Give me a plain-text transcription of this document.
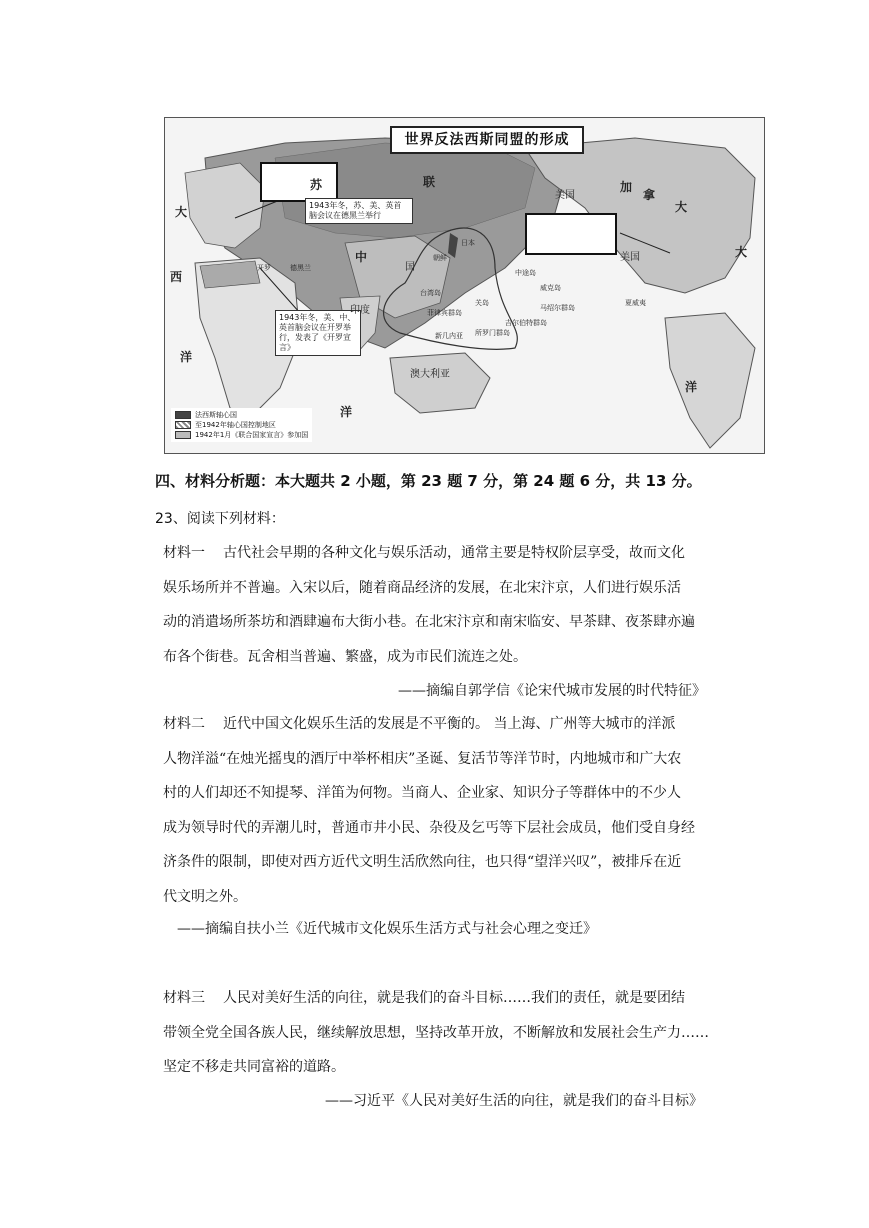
世界反法西斯同盟的形成
1943年冬，苏、美、英首脑会议在德黑兰举行
1943年冬，美、中、英首脑会议在开罗举行，发表了《开罗宣言》
苏	联
中
国
印度
澳大利亚
加
拿
大
美国
美国
开罗	德黑兰
大
西
洋
大
洋
洋
台湾岛
菲律宾群岛
中途岛
威克岛
关岛
马绍尔群岛
吉尔伯特群岛
所罗门群岛
新几内亚
日本
朝鲜
夏威夷
法西斯轴心国
至1942年轴心国控制地区
1942年1月《联合国家宣言》参加国
四、材料分析题：本大题共 2 小题，第 23 题 7 分，第 24 题 6 分，共 13 分。
23、阅读下列材料：
材料一 古代社会早期的各种文化与娱乐活动，通常主要是特权阶层享受，故而文化
娱乐场所并不普遍。入宋以后，随着商品经济的发展，在北宋汴京，人们进行娱乐活
动的消遣场所茶坊和酒肆遍布大街小巷。在北宋汴京和南宋临安、早茶肆、夜茶肆亦遍
布各个街巷。瓦舍相当普遍、繁盛，成为市民们流连之处。
——摘编自郭学信《论宋代城市发展的时代特征》
材料二 近代中国文化娱乐生活的发展是不平衡的。 当上海、广州等大城市的洋派
人物洋溢“在烛光摇曳的酒厅中举杯相庆”圣诞、复活节等洋节时，内地城市和广大农
村的人们却还不知提琴、洋笛为何物。当商人、企业家、知识分子等群体中的不少人
成为领导时代的弄潮儿时，普通市井小民、杂役及乞丐等下层社会成员，他们受自身经
济条件的限制，即使对西方近代文明生活欣然向往，也只得“望洋兴叹”，被排斥在近
代文明之外。
——摘编自扶小兰《近代城市文化娱乐生活方式与社会心理之变迁》
材料三 人民对美好生活的向往，就是我们的奋斗目标……我们的责任，就是要团结
带领全党全国各族人民，继续解放思想，坚持改革开放，不断解放和发展社会生产力……
坚定不移走共同富裕的道路。
——习近平《人民对美好生活的向往，就是我们的奋斗目标》
